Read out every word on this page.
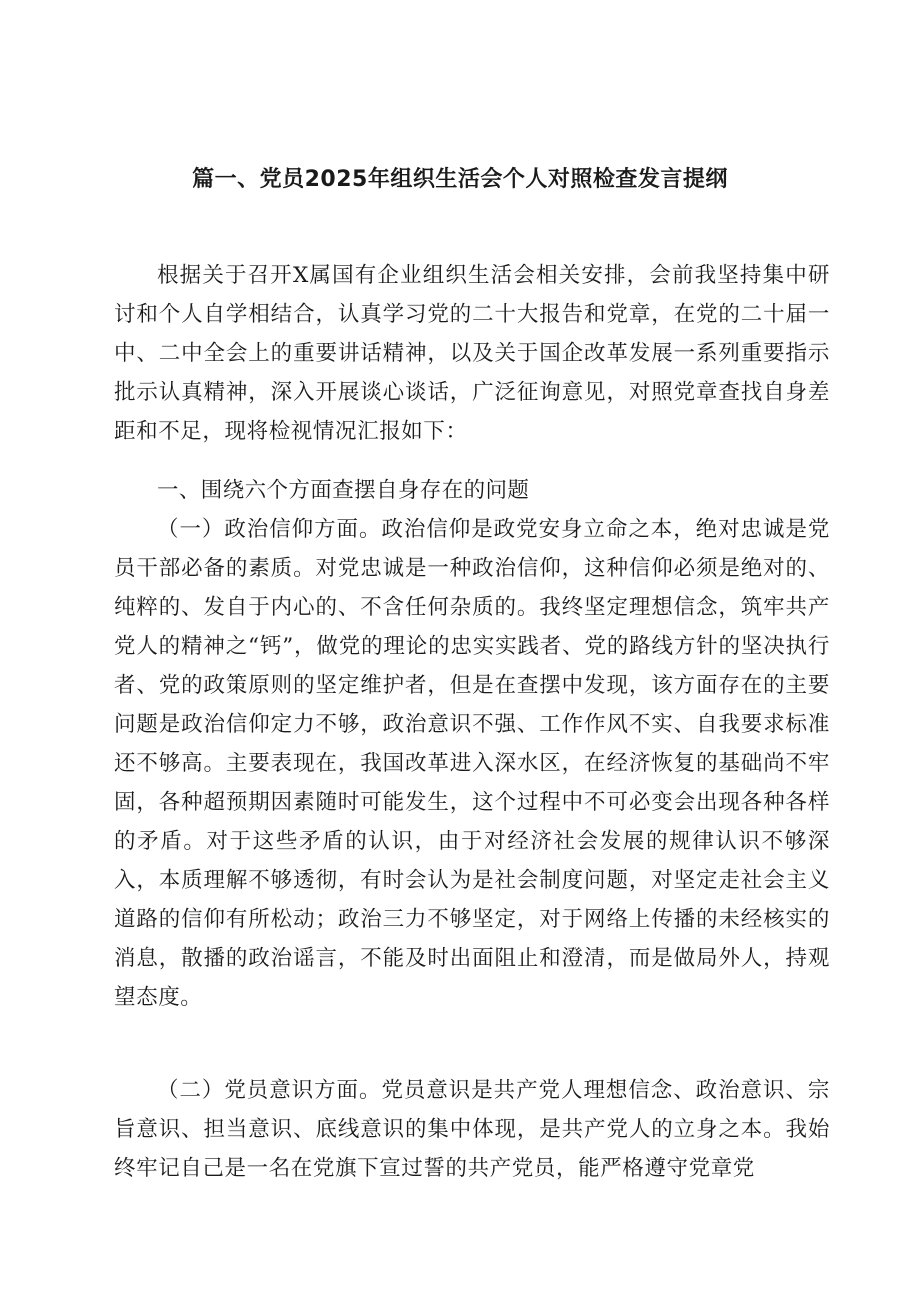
篇一、党员2025年组织生活会个人对照检查发言提纲

根据关于召开X属国有企业组织生活会相关安排，会前我坚持集中研讨和个人自学相结合，认真学习党的二十大报告和党章，在党的二十届一中、二中全会上的重要讲话精神，以及关于国企改革发展一系列重要指示批示认真精神，深入开展谈心谈话，广泛征询意见，对照党章查找自身差距和不足，现将检视情况汇报如下：

一、围绕六个方面查摆自身存在的问题

（一）政治信仰方面。政治信仰是政党安身立命之本，绝对忠诚是党员干部必备的素质。对党忠诚是一种政治信仰，这种信仰必须是绝对的、纯粹的、发自于内心的、不含任何杂质的。我终坚定理想信念，筑牢共产党人的精神之“钙”，做党的理论的忠实实践者、党的路线方针的坚决执行者、党的政策原则的坚定维护者，但是在查摆中发现，该方面存在的主要问题是政治信仰定力不够，政治意识不强、工作作风不实、自我要求标准还不够高。主要表现在，我国改革进入深水区，在经济恢复的基础尚不牢固，各种超预期因素随时可能发生，这个过程中不可必变会出现各种各样的矛盾。对于这些矛盾的认识，由于对经济社会发展的规律认识不够深入，本质理解不够透彻，有时会认为是社会制度问题，对坚定走社会主义道路的信仰有所松动；政治三力不够坚定，对于网络上传播的未经核实的消息，散播的政治谣言，不能及时出面阻止和澄清，而是做局外人，持观望态度。

（二）党员意识方面。党员意识是共产党人理想信念、政治意识、宗旨意识、担当意识、底线意识的集中体现，是共产党人的立身之本。我始终牢记自己是一名在党旗下宣过誓的共产党员，能严格遵守党章党
